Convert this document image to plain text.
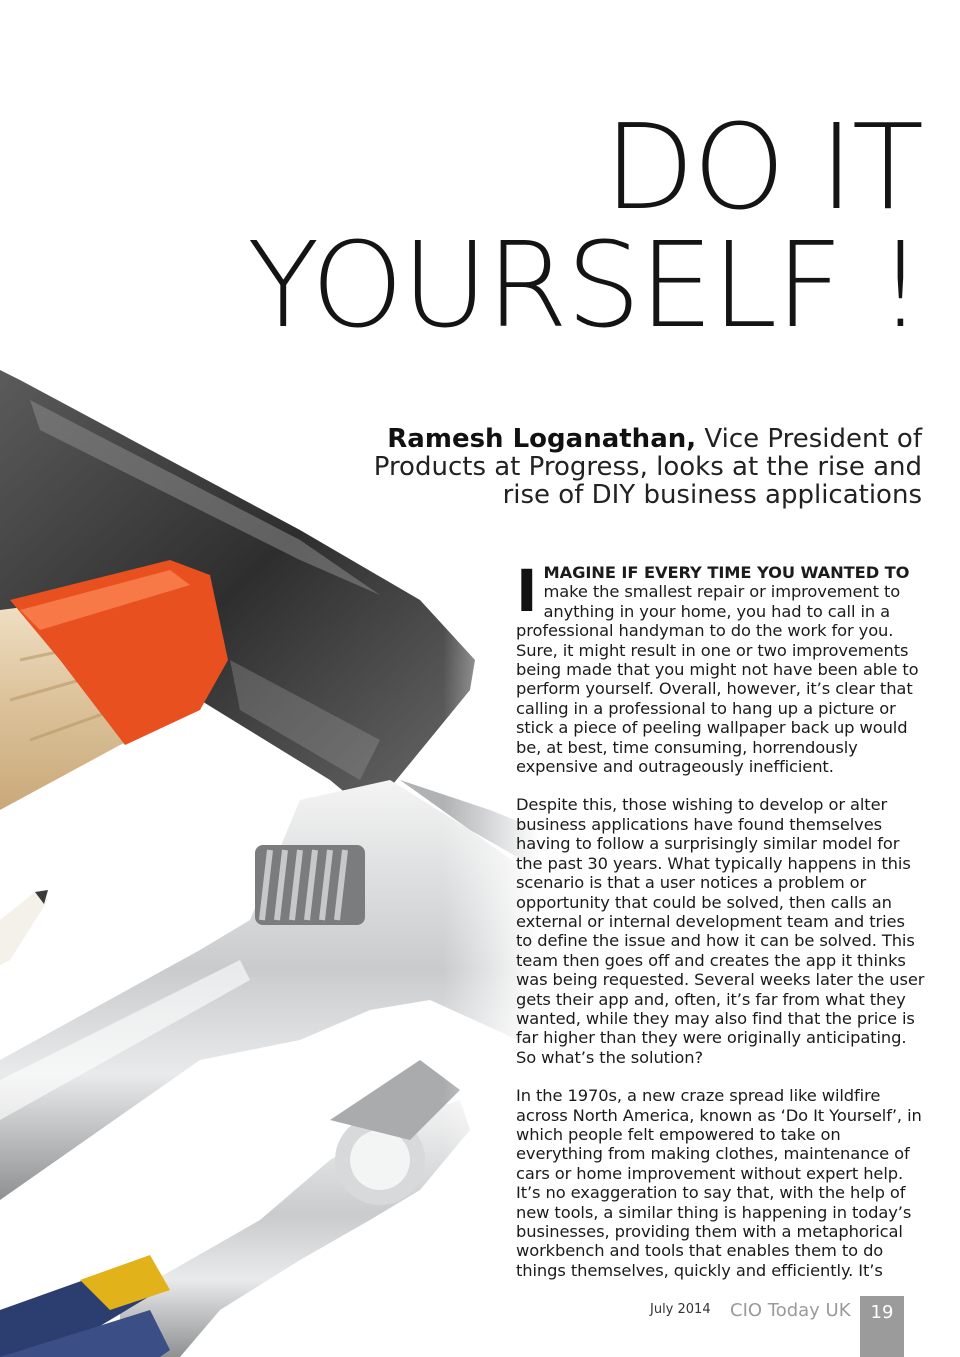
DO IT
YOURSELF !
Ramesh Loganathan, Vice President of Products at Progress, looks at the rise and rise of DIY business applications

IMAGINE IF EVERY TIME YOU WANTED TO make the smallest repair or improvement to anything in your home, you had to call in a professional handyman to do the work for you. Sure, it might result in one or two improvements being made that you might not have been able to perform yourself. Overall, however, it’s clear that calling in a professional to hang up a picture or stick a piece of peeling wallpaper back up would be, at best, time consuming, horrendously expensive and outrageously inefficient.

Despite this, those wishing to develop or alter business applications have found themselves having to follow a surprisingly similar model for the past 30 years. What typically happens in this scenario is that a user notices a problem or opportunity that could be solved, then calls an external or internal development team and tries to define the issue and how it can be solved. This team then goes off and creates the app it thinks was being requested. Several weeks later the user gets their app and, often, it’s far from what they wanted, while they may also find that the price is far higher than they were originally anticipating. So what’s the solution?

In the 1970s, a new craze spread like wildfire across North America, known as ‘Do It Yourself’, in which people felt empowered to take on everything from making clothes, maintenance of cars or home improvement without expert help. It’s no exaggeration to say that, with the help of new tools, a similar thing is happening in today’s businesses, providing them with a metaphorical workbench and tools that enables them to do things themselves, quickly and efficiently. It’s

July 2014 CIO Today UK	19
